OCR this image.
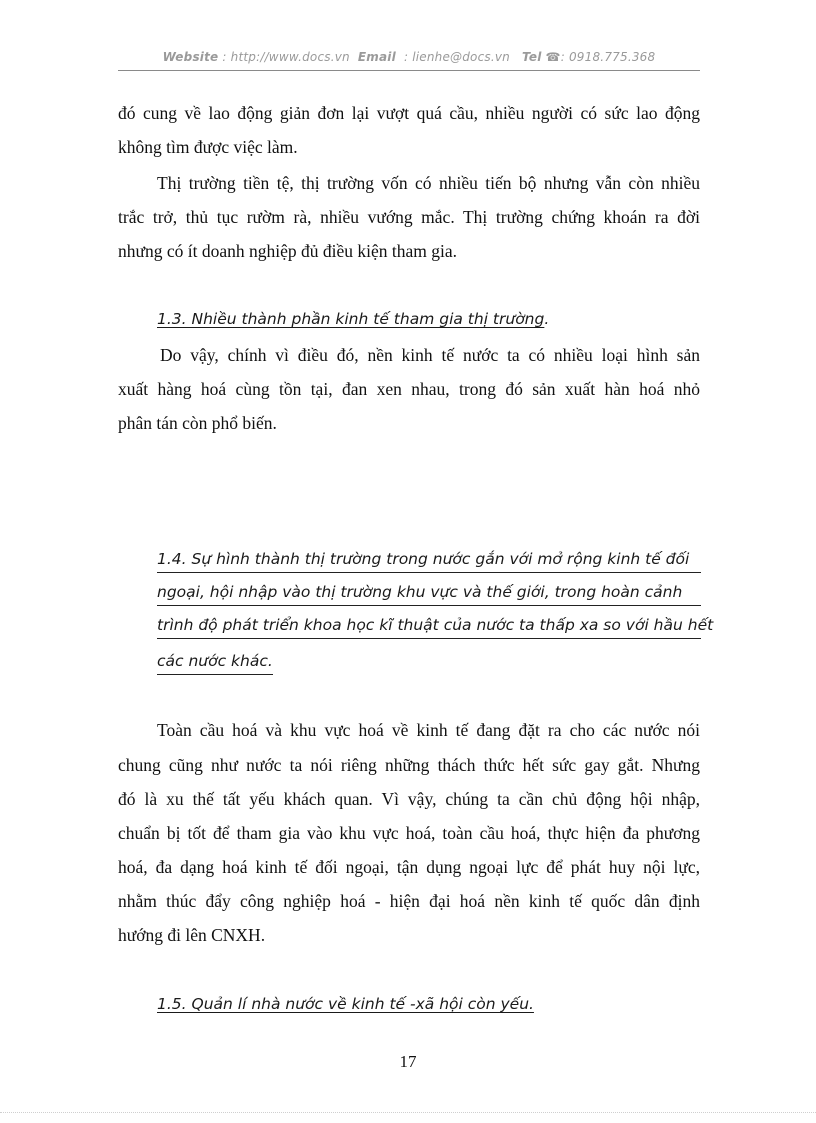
Website : http://www.docs.vn Email : lienhe@docs.vn Tel ☎: 0918.775.368
đó cung về lao động giản đơn lại vượt quá cầu, nhiều người có sức lao động
không tìm được việc làm.
Thị trường tiền tệ, thị trường vốn có nhiều tiến bộ nhưng vẫn còn nhiều
trắc trở, thủ tục rườm rà, nhiều vướng mắc. Thị trường chứng khoán ra đời
nhưng có ít doanh nghiệp đủ điều kiện tham gia.
1.3. Nhiều thành phần kinh tế tham gia thị trường.
Do vậy, chính vì điều đó, nền kinh tế nước ta có nhiều loại hình sản
xuất hàng hoá cùng tồn tại, đan xen nhau, trong đó sản xuất hàn hoá nhỏ
phân tán còn phổ biến.
1.4. Sự hình thành thị trường trong nước gắn với mở rộng kinh tế đối
ngoại, hội nhập vào thị trường khu vực và thế giới, trong hoàn cảnh
trình độ phát triển khoa học kĩ thuật của nước ta thấp xa so với hầu hết
các nước khác.
Toàn cầu hoá và khu vực hoá về kinh tế đang đặt ra cho các nước nói
chung cũng như nước ta nói riêng những thách thức hết sức gay gắt. Nhưng
đó là xu thế tất yếu khách quan. Vì vậy, chúng ta cần chủ động hội nhập,
chuẩn bị tốt để tham gia vào khu vực hoá, toàn cầu hoá, thực hiện đa phương
hoá, đa dạng hoá kinh tế đối ngoại, tận dụng ngoại lực để phát huy nội lực,
nhằm thúc đẩy công nghiệp hoá - hiện đại hoá nền kinh tế quốc dân định
hướng đi lên CNXH.
1.5. Quản lí nhà nước về kinh tế -xã hội còn yếu.
17
